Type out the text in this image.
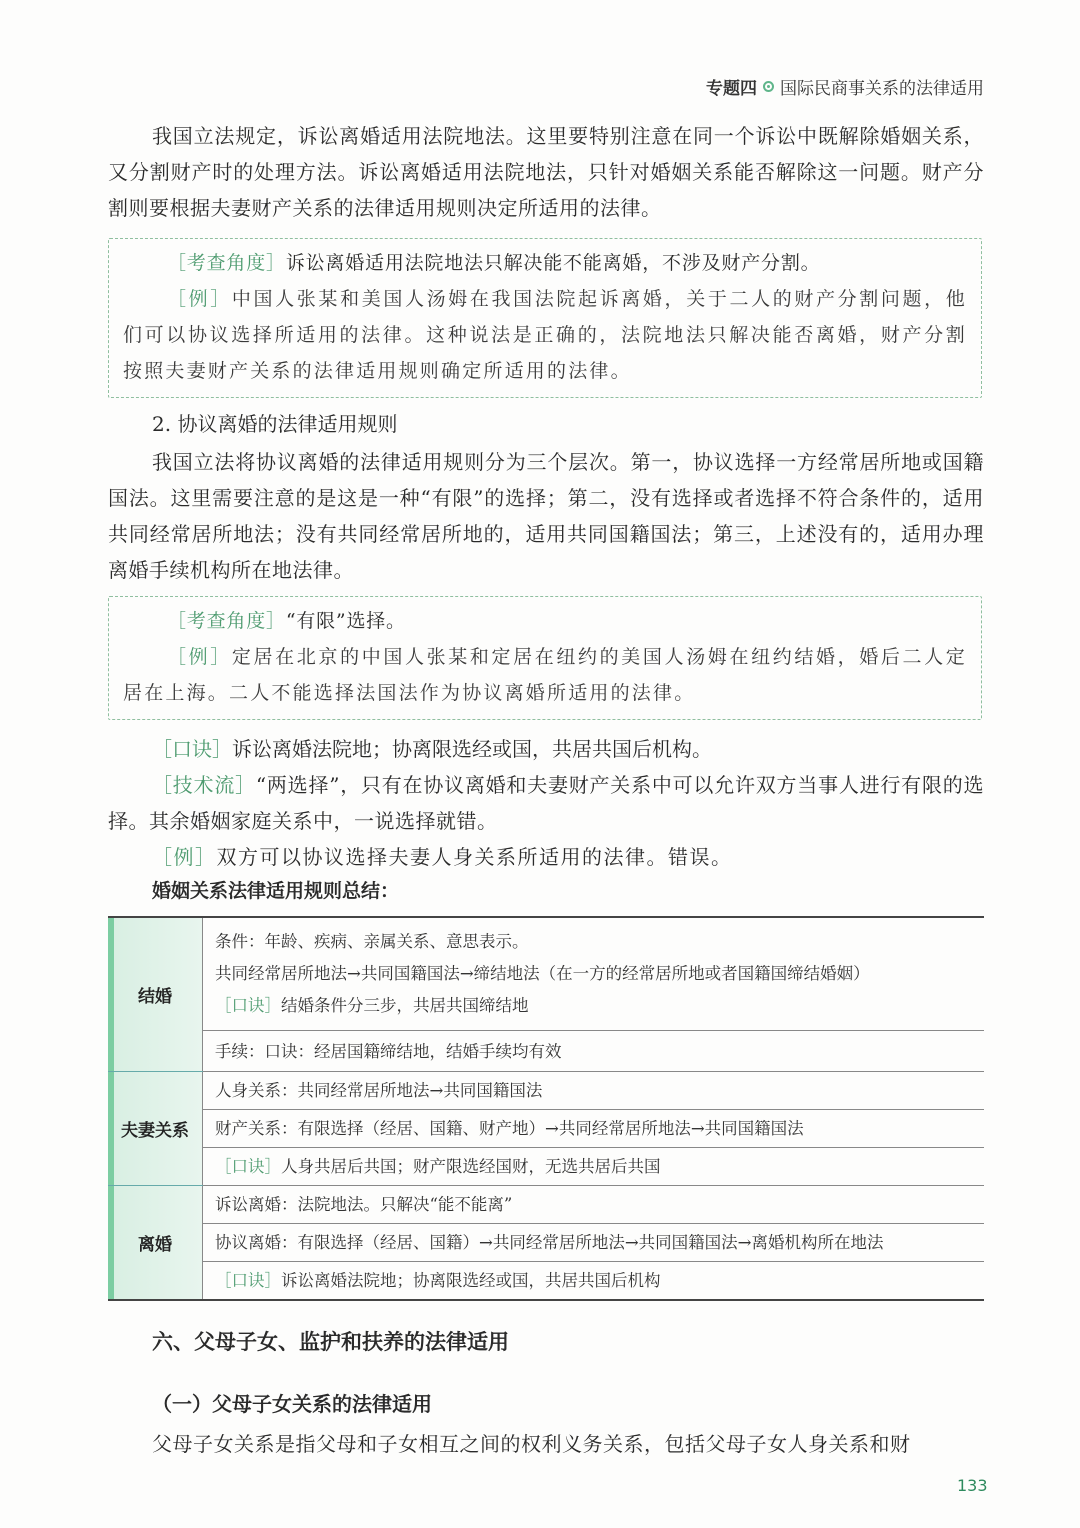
专题四 国际民商事关系的法律适用
我国立法规定，诉讼离婚适用法院地法。这里要特别注意在同一个诉讼中既解除婚姻关系，又分割财产时的处理方法。诉讼离婚适用法院地法，只针对婚姻关系能否解除这一问题。财产分割则要根据夫妻财产关系的法律适用规则决定所适用的法律。
［考查角度］诉讼离婚适用法院地法只解决能不能离婚，不涉及财产分割。
［例］中国人张某和美国人汤姆在我国法院起诉离婚，关于二人的财产分割问题，他们可以协议选择所适用的法律。这种说法是正确的，法院地法只解决能否离婚，财产分割按照夫妻财产关系的法律适用规则确定所适用的法律。
2. 协议离婚的法律适用规则
我国立法将协议离婚的法律适用规则分为三个层次。第一，协议选择一方经常居所地或国籍国法。这里需要注意的是这是一种“有限”的选择；第二，没有选择或者选择不符合条件的，适用共同经常居所地法；没有共同经常居所地的，适用共同国籍国法；第三，上述没有的，适用办理离婚手续机构所在地法律。
［考查角度］“有限”选择。
［例］定居在北京的中国人张某和定居在纽约的美国人汤姆在纽约结婚，婚后二人定居在上海。二人不能选择法国法作为协议离婚所适用的法律。
［口诀］诉讼离婚法院地；协离限选经或国，共居共国后机构。
［技术流］“两选择”，只有在协议离婚和夫妻财产关系中可以允许双方当事人进行有限的选择。其余婚姻家庭关系中，一说选择就错。
［例］双方可以协议选择夫妻人身关系所适用的法律。错误。
婚姻关系法律适用规则总结：
结婚	条件：年龄、疾病、亲属关系、意思表示。
共同经常居所地法→共同国籍国法→缔结地法（在一方的经常居所地或者国籍国缔结婚姻）
［口诀］结婚条件分三步，共居共国缔结地

	手续：口诀：经居国籍缔结地，结婚手续均有效
夫妻关系	人身关系：共同经常居所地法→共同国籍国法
	财产关系：有限选择（经居、国籍、财产地）→共同经常居所地法→共同国籍国法
	［口诀］人身共居后共国；财产限选经国财，无选共居后共国
离婚	诉讼离婚：法院地法。只解决“能不能离”
	协议离婚：有限选择（经居、国籍）→共同经常居所地法→共同国籍国法→离婚机构所在地法
	［口诀］诉讼离婚法院地；协离限选经或国，共居共国后机构
六、父母子女、监护和扶养的法律适用
（一）父母子女关系的法律适用
父母子女关系是指父母和子女相互之间的权利义务关系，包括父母子女人身关系和财
133
